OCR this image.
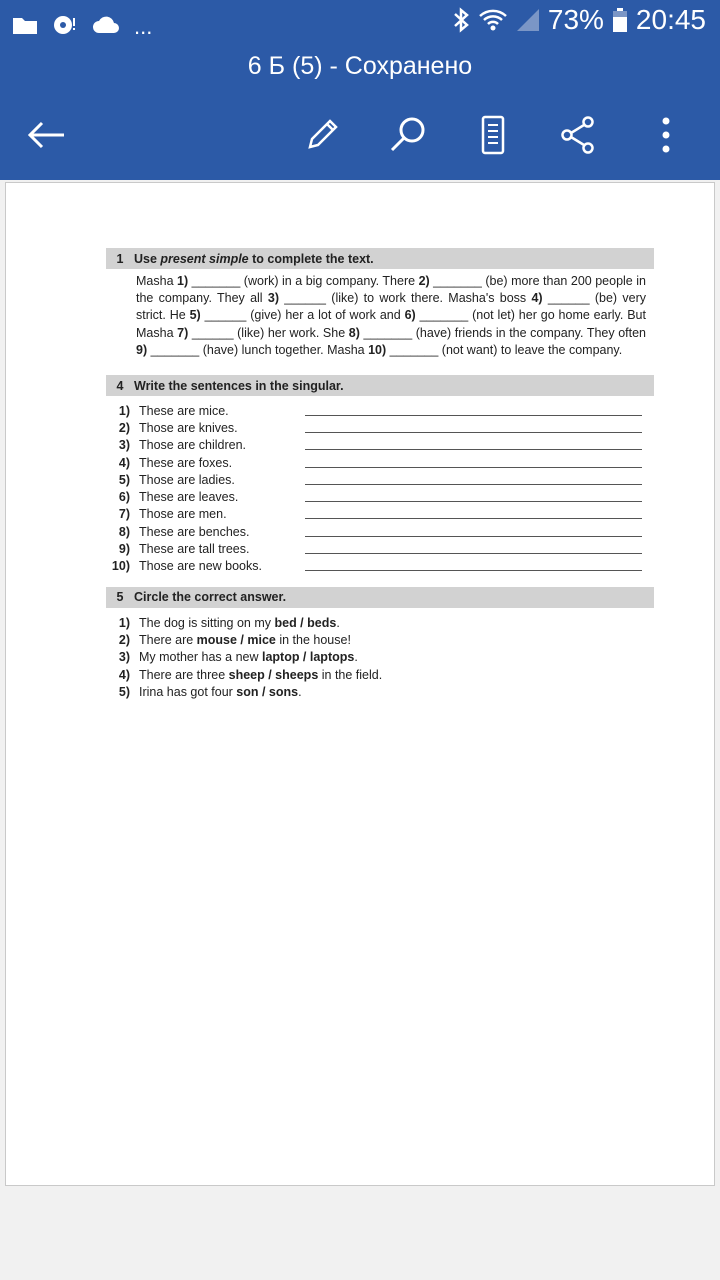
...	73% 20:45
6 Б (5) - Сохранено
1 Use present simple to complete the text.
Masha 1) _______ (work) in a big company. There 2) _______ (be) more than 200 people in the company. They all 3) ______ (like) to work there. Masha's boss 4) ______ (be) very strict. He 5) ______ (give) her a lot of work and 6) _______ (not let) her go home early. But Masha 7) ______ (like) her work. She 8) _______ (have) friends in the company. They often 9) _______ (have) lunch together. Masha 10) _______ (not want) to leave the company.
4 Write the sentences in the singular.
1) These are mice.
2) Those are knives.
3) Those are children.
4) These are foxes.
5) Those are ladies.
6) These are leaves.
7) Those are men.
8) These are benches.
9) These are tall trees.
10) Those are new books.
5 Circle the correct answer.
1) The dog is sitting on my bed / beds.
2) There are mouse / mice in the house!
3) My mother has a new laptop / laptops.
4) There are three sheep / sheeps in the field.
5) Irina has got four son / sons.
